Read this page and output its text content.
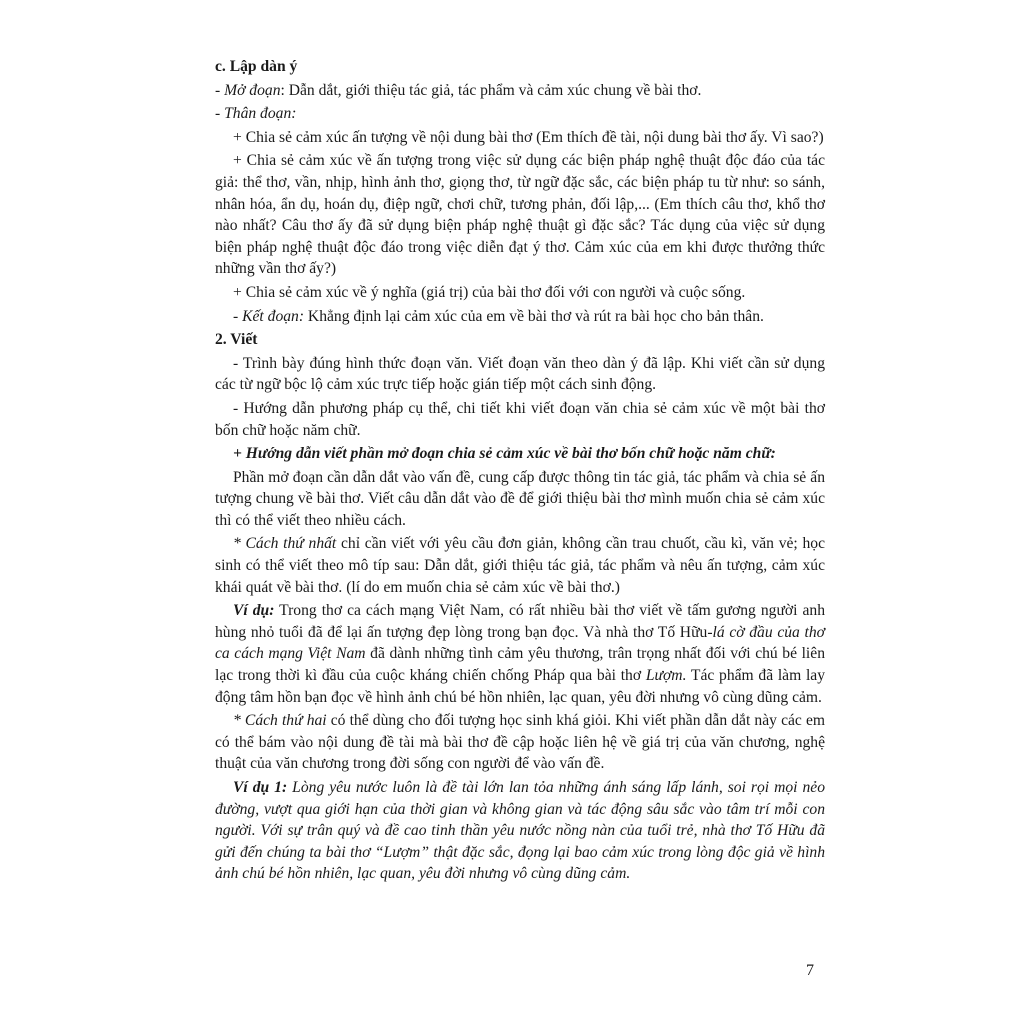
c. Lập dàn ý

- Mở đoạn: Dẫn dắt, giới thiệu tác giả, tác phẩm và cảm xúc chung về bài thơ.

- Thân đoạn:

+ Chia sẻ cảm xúc ấn tượng về nội dung bài thơ (Em thích đề tài, nội dung bài thơ ấy. Vì sao?)

+ Chia sẻ cảm xúc về ấn tượng trong việc sử dụng các biện pháp nghệ thuật độc đáo của tác giả: thể thơ, vần, nhịp, hình ảnh thơ, giọng thơ, từ ngữ đặc sắc, các biện pháp tu từ như: so sánh, nhân hóa, ẩn dụ, hoán dụ, điệp ngữ, chơi chữ, tương phản, đối lập,... (Em thích câu thơ, khổ thơ nào nhất? Câu thơ ấy đã sử dụng biện pháp nghệ thuật gì đặc sắc? Tác dụng của việc sử dụng biện pháp nghệ thuật độc đáo trong việc diễn đạt ý thơ. Cảm xúc của em khi được thưởng thức những vần thơ ấy?)

+ Chia sẻ cảm xúc về ý nghĩa (giá trị) của bài thơ đối với con người và cuộc sống.

- Kết đoạn: Khẳng định lại cảm xúc của em về bài thơ và rút ra bài học cho bản thân.

2. Viết

- Trình bày đúng hình thức đoạn văn. Viết đoạn văn theo dàn ý đã lập. Khi viết cần sử dụng các từ ngữ bộc lộ cảm xúc trực tiếp hoặc gián tiếp một cách sinh động.

- Hướng dẫn phương pháp cụ thể, chi tiết khi viết đoạn văn chia sẻ cảm xúc về một bài thơ bốn chữ hoặc năm chữ.

+ Hướng dẫn viết phần mở đoạn chia sẻ cảm xúc về bài thơ bốn chữ hoặc năm chữ:

Phần mở đoạn cần dẫn dắt vào vấn đề, cung cấp được thông tin tác giả, tác phẩm và chia sẻ ấn tượng chung về bài thơ. Viết câu dẫn dắt vào đề để giới thiệu bài thơ mình muốn chia sẻ cảm xúc thì có thể viết theo nhiều cách.

* Cách thứ nhất chỉ cần viết với yêu cầu đơn giản, không cần trau chuốt, cầu kì, văn vẻ; học sinh có thể viết theo mô típ sau: Dẫn dắt, giới thiệu tác giả, tác phẩm và nêu ấn tượng, cảm xúc khái quát về bài thơ. (lí do em muốn chia sẻ cảm xúc về bài thơ.)

Ví dụ: Trong thơ ca cách mạng Việt Nam, có rất nhiều bài thơ viết về tấm gương người anh hùng nhỏ tuổi đã để lại ấn tượng đẹp lòng trong bạn đọc. Và nhà thơ Tố Hữu-lá cờ đầu của thơ ca cách mạng Việt Nam đã dành những tình cảm yêu thương, trân trọng nhất đối với chú bé liên lạc trong thời kì đầu của cuộc kháng chiến chống Pháp qua bài thơ Lượm. Tác phẩm đã làm lay động tâm hồn bạn đọc về hình ảnh chú bé hồn nhiên, lạc quan, yêu đời nhưng vô cùng dũng cảm.

* Cách thứ hai có thể dùng cho đối tượng học sinh khá giỏi. Khi viết phần dẫn dắt này các em có thể bám vào nội dung đề tài mà bài thơ đề cập hoặc liên hệ về giá trị của văn chương, nghệ thuật của văn chương trong đời sống con người để vào vấn đề.

Ví dụ 1: Lòng yêu nước luôn là đề tài lớn lan tỏa những ánh sáng lấp lánh, soi rọi mọi nẻo đường, vượt qua giới hạn của thời gian và không gian và tác động sâu sắc vào tâm trí mỗi con người. Với sự trân quý và đề cao tinh thần yêu nước nồng nàn của tuổi trẻ, nhà thơ Tố Hữu đã gửi đến chúng ta bài thơ “Lượm” thật đặc sắc, đọng lại bao cảm xúc trong lòng độc giả về hình ảnh chú bé hồn nhiên, lạc quan, yêu đời nhưng vô cùng dũng cảm.

7
